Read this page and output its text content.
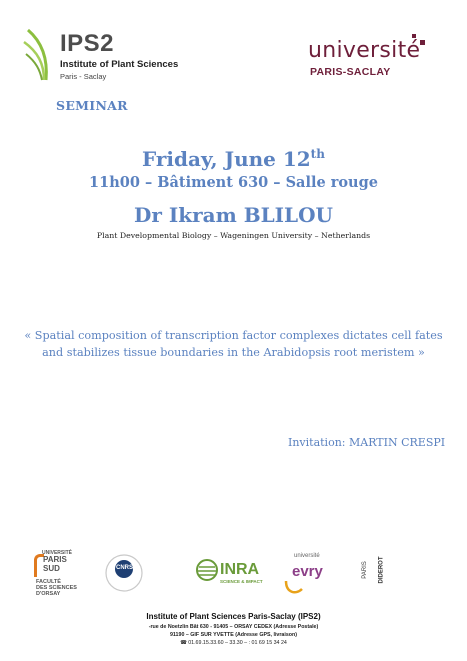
IPS2
Institute of Plant Sciences
Paris - Saclay
université
PARIS-SACLAY
SEMINAR
Friday, June 12th
11h00 – Bâtiment 630 – Salle rouge
Dr Ikram BLILOU
Plant Developmental Biology – Wageningen University – Netherlands
« Spatial composition of transcription factor complexes dictates cell fates
and stabilizes tissue boundaries in the Arabidopsis root meristem »
Invitation: MARTIN CRESPI
UNIVERSITÉ
PARIS
SUD
FACULTÉ
DES SCIENCES
D'ORSAY
CNRS	INRA
SCIENCE & IMPACT
université
evry	PARIS DIDEROT
Institute of Plant Sciences Paris-Saclay (IPS2)
-rue de Noetzlin Bât 630 - 91405 – ORSAY CEDEX (Adresse Postale)
91190 – GIF SUR YVETTE (Adresse GPS, livraison)
☎ 01.69.15.33.60 – 33.30 – : 01 69 15 34 24
